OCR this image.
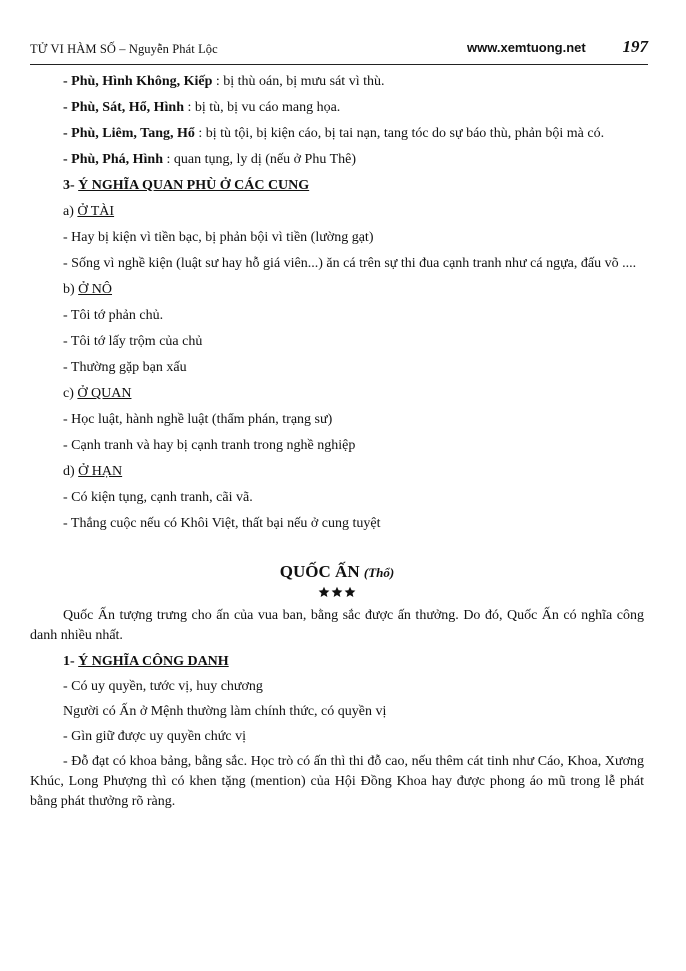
TỬ VI HÀM SỐ – Nguyễn Phát Lộc	www.xemtuong.net 197
- Phù, Hình Không, Kiếp : bị thù oán, bị mưu sát vì thù.
- Phù, Sát, Hổ, Hình : bị tù, bị vu cáo mang họa.
- Phù, Liêm, Tang, Hổ : bị tù tội, bị kiện cáo, bị tai nạn, tang tóc do sự báo thù, phản bội mà có.
- Phù, Phá, Hình : quan tụng, ly dị (nếu ở Phu Thê)
3- Ý NGHĨA QUAN PHÙ Ở CÁC CUNG
a) Ở TÀI
- Hay bị kiện vì tiền bạc, bị phản bội vì tiền (lường gạt)
- Sống vì nghề kiện (luật sư hay hỗ giá viên...) ăn cá trên sự thi đua cạnh tranh như cá ngựa, đấu võ ....
b) Ở NÔ
- Tôi tớ phản chủ.
- Tôi tớ lấy trộm của chủ
- Thường gặp bạn xấu
c) Ở QUAN
- Học luật, hành nghề luật (thẩm phán, trạng sư)
- Cạnh tranh và hay bị cạnh tranh trong nghề nghiệp
d) Ở HẠN
- Có kiện tụng, cạnh tranh, cãi vã.
- Thắng cuộc nếu có Khôi Việt, thất bại nếu ở cung tuyệt
QUỐC ẤN (Thổ)
Quốc Ấn tượng trưng cho ấn của vua ban, bằng sắc được ấn thưởng. Do đó, Quốc Ấn có nghĩa công danh nhiều nhất.
1- Ý NGHĨA CÔNG DANH
- Có uy quyền, tước vị, huy chương
Người có Ấn ở Mệnh thường làm chính thức, có quyền vị
- Gìn giữ được uy quyền chức vị
- Đỗ đạt có khoa bảng, bằng sắc. Học trò có ấn thì thi đỗ cao, nếu thêm cát tinh như Cáo, Khoa, Xương Khúc, Long Phượng thì có khen tặng (mention) của Hội Đồng Khoa hay được phong áo mũ trong lễ phát bằng phát thưởng rõ ràng.
